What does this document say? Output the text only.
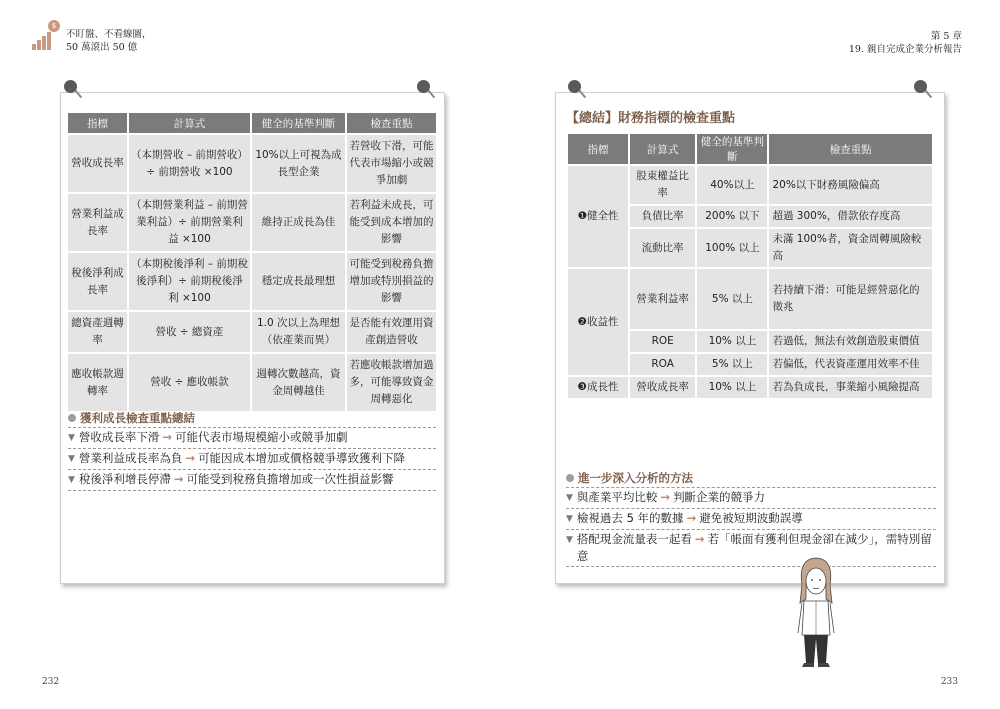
$
不盯盤、不看線圖，
50 萬滾出 50 億
第 5 章
19. 親自完成企業分析報告
指標	計算式	健全的基準判斷	檢查重點
營收成長率	（本期營收 – 前期營收）÷ 前期營收 ×100	10%以上可視為成長型企業	若營收下滑，可能代表市場縮小或競爭加劇
營業利益成長率	（本期營業利益 – 前期營業利益）÷ 前期營業利益 ×100	維持正成長為佳	若利益未成長，可能受到成本增加的影響
稅後淨利成長率	（本期稅後淨利 – 前期稅後淨利）÷ 前期稅後淨利 ×100	穩定成長最理想	可能受到稅務負擔增加或特別損益的影響
總資產週轉率	營收 ÷ 總資產	1.0 次以上為理想（依產業而異）	是否能有效運用資產創造營收
應收帳款週轉率	營收 ÷ 應收帳款	週轉次數越高，資金周轉越佳	若應收帳款增加過多，可能導致資金周轉惡化
獲利成長檢查重點總結
▼ 營收成長率下滑 → 可能代表市場規模縮小或競爭加劇
▼ 營業利益成長率為負 → 可能因成本增加或價格競爭導致獲利下降
▼ 稅後淨利增長停滯 → 可能受到稅務負擔增加或一次性損益影響
【總結】財務指標的檢查重點
指標	計算式	健全的基準判斷	檢查重點
❶健全性	股東權益比率	40%以上	20%以下財務風險偏高
	負債比率	200% 以下	超過 300%，借款依存度高
	流動比率	100% 以上	未滿 100%者，資金周轉風險較高
❷收益性	營業利益率	5% 以上	若持續下滑：可能是經營惡化的徵兆
	ROE	10% 以上	若過低，無法有效創造股東價值
	ROA	5% 以上	若偏低，代表資產運用效率不佳
❸成長性	營收成長率	10% 以上	若為負成長，事業縮小風險提高
進一步深入分析的方法
▼ 與產業平均比較 → 判斷企業的競爭力
▼ 檢視過去 5 年的數據 → 避免被短期波動誤導
▼ 搭配現金流量表一起看 → 若「帳面有獲利但現金卻在減少」，需特別留意
232	233
